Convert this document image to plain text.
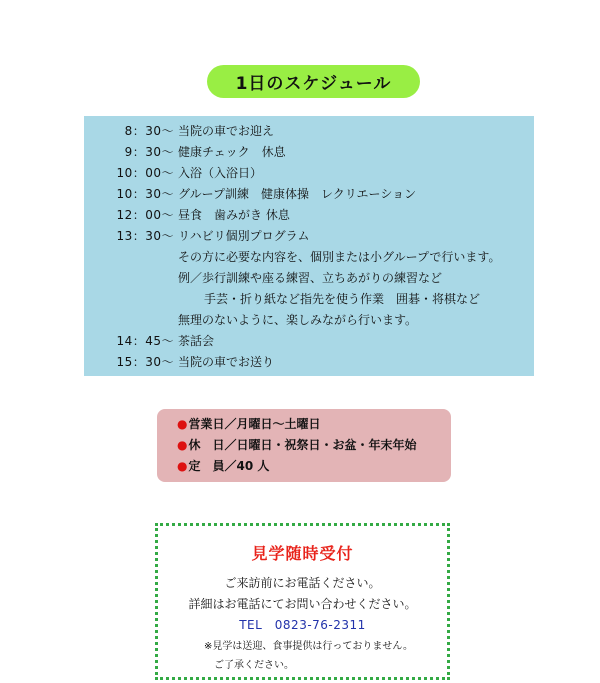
1日のスケジュール
8：30〜 当院の車でお迎え
9：30〜 健康チェック　休息
10：00〜 入浴（入浴日）
10：30〜 グループ訓練　健康体操　レクリエーション
12：00〜 昼食　歯みがき 休息
13：30〜 リハビリ個別プログラム
その方に必要な内容を、個別または小グループで行います。
例／歩行訓練や座る練習、立ちあがりの練習など
手芸・折り紙など指先を使う作業　囲碁・将棋など
無理のないように、楽しみながら行います。
14：45〜 茶話会
15：30〜 当院の車でお送り
●営業日／月曜日〜土曜日
●休　日／日曜日・祝祭日・お盆・年末年始
●定　員／40 人
見学随時受付
ご来訪前にお電話ください。
詳細はお電話にてお問い合わせください。
TEL　0823-76-2311
※見学は送迎、食事提供は行っておりません。
ご了承ください。
